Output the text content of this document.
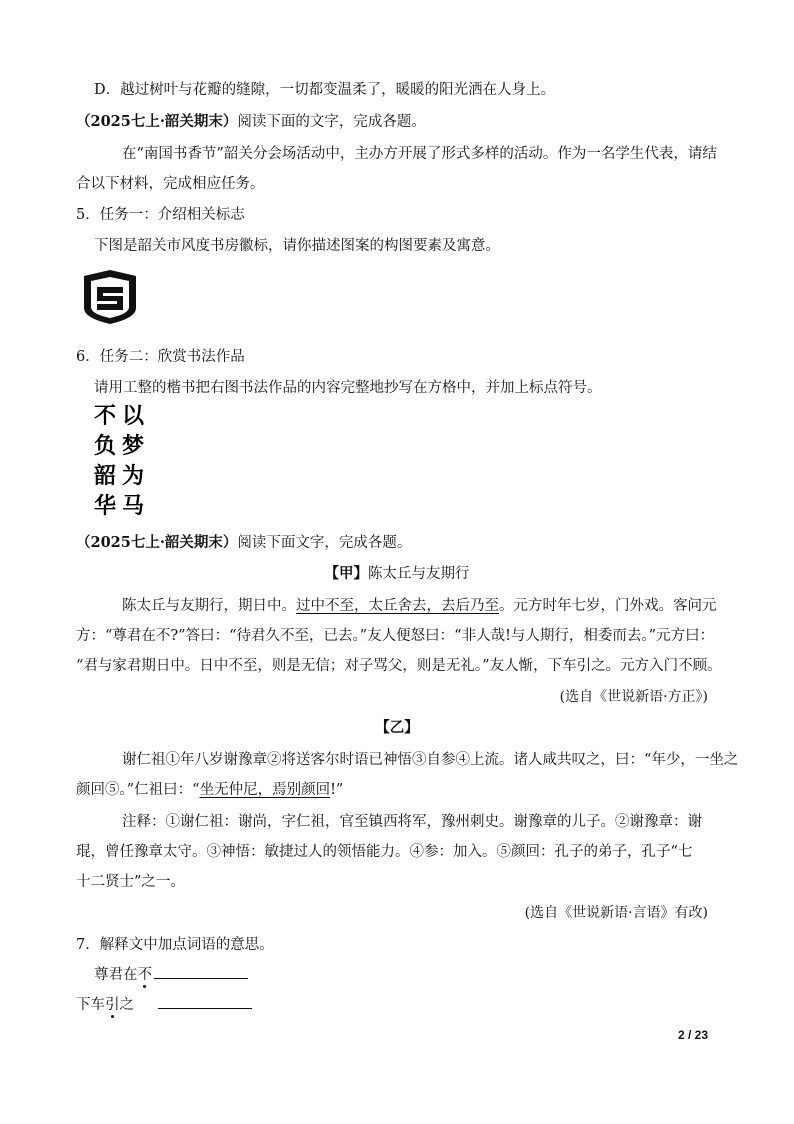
D．越过树叶与花瓣的缝隙，一切都变温柔了，暖暖的阳光洒在人身上。
（2025七上·韶关期末）阅读下面的文字，完成各题。
在“南国书香节”韶关分会场活动中，主办方开展了形式多样的活动。作为一名学生代表，请结
合以下材料，完成相应任务。
5．任务一：介绍相关标志
下图是韶关市风度书房徽标，请你描述图案的构图要素及寓意。
6．任务二：欣赏书法作品
请用工整的楷书把右图书法作品的内容完整地抄写在方格中，并加上标点符号。
不
负
韶
华
以
梦
为
马
（2025七上·韶关期末）阅读下面文字，完成各题。
【甲】陈太丘与友期行
陈太丘与友期行，期日中。过中不至，太丘舍去，去后乃至。元方时年七岁，门外戏。客问元
方：“尊君在不?”答曰：“待君久不至，已去。”友人便怒曰：“非人哉!与人期行，相委而去。”元方曰：
“君与家君期日中。日中不至，则是无信；对子骂父，则是无礼。”友人惭，下车引之。元方入门不顾。
(选自《世说新语·方正》)
【乙】
谢仁祖①年八岁谢豫章②将送客尔时语已神悟③自参④上流。诸人咸共叹之，曰：“年少，一坐之
颜回⑤。”仁祖曰：“坐无仲尼，焉别颜回!”
注释：①谢仁祖：谢尚，字仁祖，官至镇西将军，豫州刺史。谢豫章的儿子。②谢豫章：谢
琨，曾任豫章太守。③神悟：敏捷过人的领悟能力。④参：加入。⑤颜回：孔子的弟子，孔子“七
十二贤士”之一。
(选自《世说新语·言语》有改)
7．解释文中加点词语的意思。
尊君在不
下车引之
2 / 23
